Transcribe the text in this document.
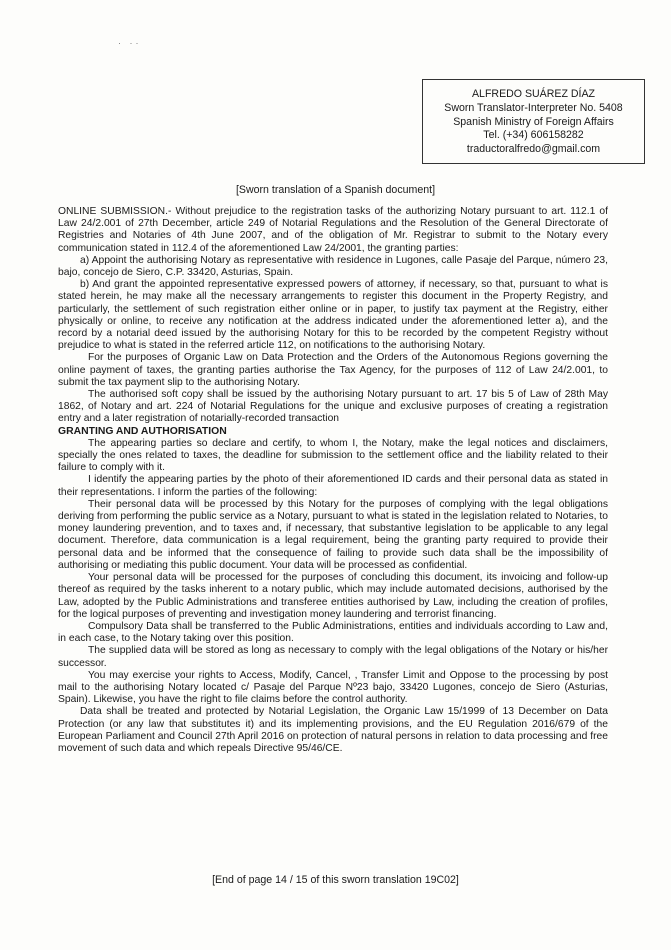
· ··
ALFREDO SUÁREZ DÍAZ
Sworn Translator-Interpreter No. 5408
Spanish Ministry of Foreign Affairs
Tel. (+34) 606158282
traductoralfredo@gmail.com
[Sworn translation of a Spanish document]

ONLINE SUBMISSION.- Without prejudice to the registration tasks of the authorizing Notary pursuant to art. 112.1 of Law 24/2.001 of 27th December, article 249 of Notarial Regulations and the Resolution of the General Directorate of Registries and Notaries of 4th June 2007, and of the obligation of Mr. Registrar to submit to the Notary every communication stated in 112.4 of the aforementioned Law 24/2001, the granting parties:

a) Appoint the authorising Notary as representative with residence in Lugones, calle Pasaje del Parque, número 23, bajo, concejo de Siero, C.P. 33420, Asturias, Spain.

b) And grant the appointed representative expressed powers of attorney, if necessary, so that, pursuant to what is stated herein, he may make all the necessary arrangements to register this document in the Property Registry, and particularly, the settlement of such registration either online or in paper, to justify tax payment at the Registry, either physically or online, to receive any notification at the address indicated under the aforementioned letter a), and the record by a notarial deed issued by the authorising Notary for this to be recorded by the competent Registry without prejudice to what is stated in the referred article 112, on notifications to the authorising Notary.

For the purposes of Organic Law on Data Protection and the Orders of the Autonomous Regions governing the online payment of taxes, the granting parties authorise the Tax Agency, for the purposes of 112 of Law 24/2.001, to submit the tax payment slip to the authorising Notary.

The authorised soft copy shall be issued by the authorising Notary pursuant to art. 17 bis 5 of Law of 28th May 1862, of Notary and art. 224 of Notarial Regulations for the unique and exclusive purposes of creating a registration entry and a later registration of notarially-recorded transaction

GRANTING AND AUTHORISATION

The appearing parties so declare and certify, to whom I, the Notary, make the legal notices and disclaimers, specially the ones related to taxes, the deadline for submission to the settlement office and the liability related to their failure to comply with it.

I identify the appearing parties by the photo of their aforementioned ID cards and their personal data as stated in their representations. I inform the parties of the following:

Their personal data will be processed by this Notary for the purposes of complying with the legal obligations deriving from performing the public service as a Notary, pursuant to what is stated in the legislation related to Notaries, to money laundering prevention, and to taxes and, if necessary, that substantive legislation to be applicable to any legal document. Therefore, data communication is a legal requirement, being the granting party required to provide their personal data and be informed that the consequence of failing to provide such data shall be the impossibility of authorising or mediating this public document. Your data will be processed as confidential.

Your personal data will be processed for the purposes of concluding this document, its invoicing and follow-up thereof as required by the tasks inherent to a notary public, which may include automated decisions, authorised by the Law, adopted by the Public Administrations and transferee entities authorised by Law, including the creation of profiles, for the logical purposes of preventing and investigation money laundering and terrorist financing.

Compulsory Data shall be transferred to the Public Administrations, entities and individuals according to Law and, in each case, to the Notary taking over this position.

The supplied data will be stored as long as necessary to comply with the legal obligations of the Notary or his/her successor.

You may exercise your rights to Access, Modify, Cancel, , Transfer Limit and Oppose to the processing by post mail to the authorising Notary located c/ Pasaje del Parque Nº23 bajo, 33420 Lugones, concejo de Siero (Asturias, Spain). Likewise, you have the right to file claims before the control authority.

Data shall be treated and protected by Notarial Legislation, the Organic Law 15/1999 of 13 December on Data Protection (or any law that substitutes it) and its implementing provisions, and the EU Regulation 2016/679 of the European Parliament and Council 27th April 2016 on protection of natural persons in relation to data processing and free movement of such data and which repeals Directive 95/46/CE.

[End of page 14 / 15 of this sworn translation 19C02]
